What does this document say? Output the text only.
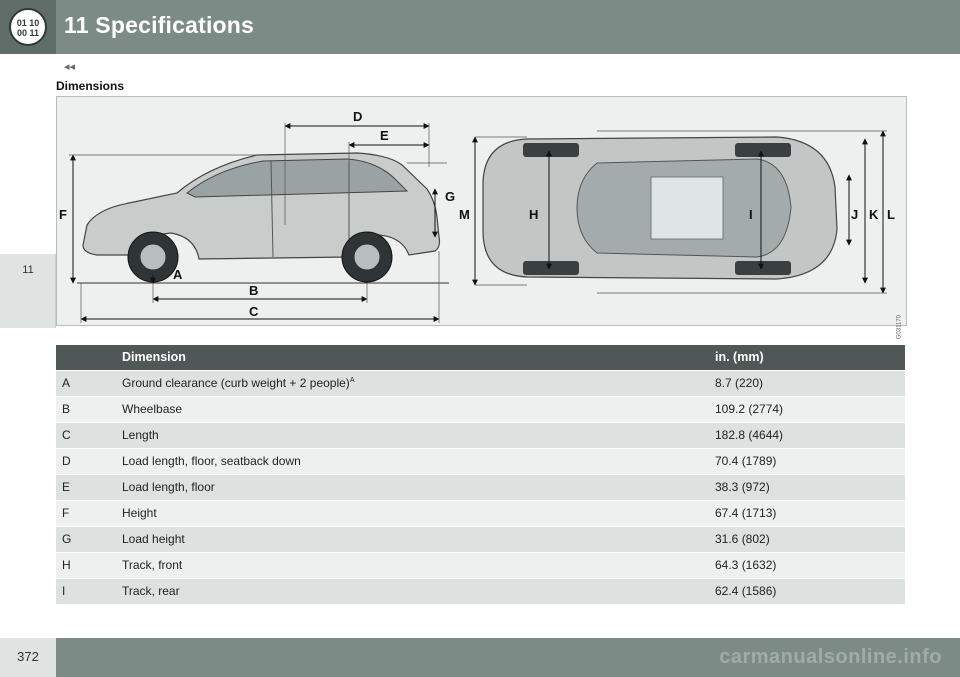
01 10
00 11 11 Specifications
11
◂◂
Dimensions
D
E
G
F
A
B
C
M	H	I	J K L
G031170
	Dimension	in. (mm)
A	Ground clearance (curb weight + 2 people)$^A$	8.7 (220)
B	Wheelbase	109.2 (2774)
C	Length	182.8 (4644)
D	Load length, floor, seatback down	70.4 (1789)
E	Load length, floor	38.3 (972)
F	Height	67.4 (1713)
G	Load height	31.6 (802)
H	Track, front	64.3 (1632)
I	Track, rear	62.4 (1586)
372	carmanualsonline.info
